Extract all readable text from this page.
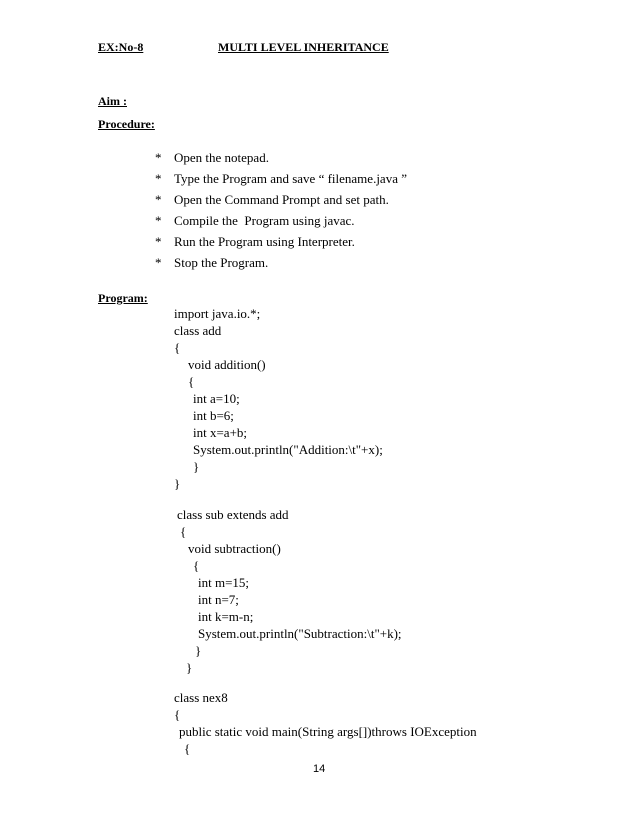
EX:No-8	MULTI LEVEL INHERITANCE
Aim :
Procedure:
* Open the notepad.
* Type the Program and save “ filename.java ”
* Open the Command Prompt and set path.
* Compile the  Program using javac.
* Run the Program using Interpreter.
* Stop the Program.
Program:
import java.io.*;
class add
{
void addition()
{
int a=10;
int b=6;
int x=a+b;
System.out.println("Addition:\t"+x);
}
}
class sub extends add
{
void subtraction()
{
int m=15;
int n=7;
int k=m-n;
System.out.println("Subtraction:\t"+k);
}
}
class nex8
{
public static void main(String args[])throws IOException
{
14
